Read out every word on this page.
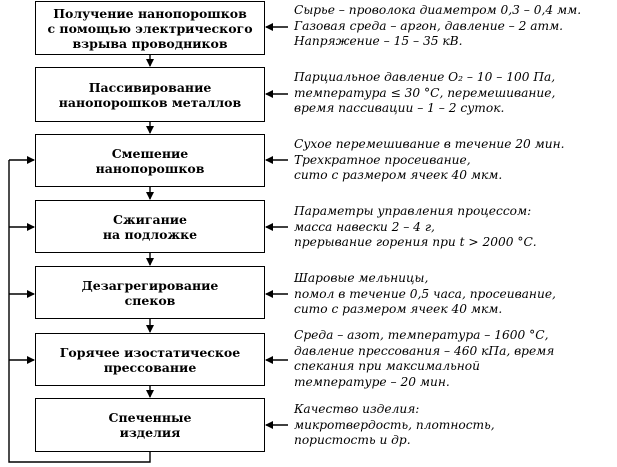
Получение нанопорошков
с помощью электрического
взрыва проводников
Пассивирование
нанопорошков металлов
Смешение
нанопорошков
Сжигание
на подложке
Дезагрегирование
спеков
Горячее изостатическое
прессование
Спеченные
изделия
Сырье – проволока диаметром 0,3 – 0,4 мм.
Газовая среда – аргон, давление – 2 атм.
Напряжение – 15 – 35 кВ.
Парциальное давление O₂ – 10 – 100 Па,
температура ≤ 30 °С, перемешивание,
время пассивации – 1 – 2 суток.
Сухое перемешивание в течение 20 мин.
Трехкратное просеивание,
сито с размером ячеек 40 мкм.
Параметры управления процессом:
масса навески 2 – 4 г,
прерывание горения при t > 2000 °С.
Шаровые мельницы,
помол в течение 0,5 часа, просеивание,
сито с размером ячеек 40 мкм.
Среда – азот, температура – 1600 °С,
давление прессования – 460 кПа, время
спекания при максимальной
температуре – 20 мин.
Качество изделия:
микротвердость, плотность,
пористость и др.
